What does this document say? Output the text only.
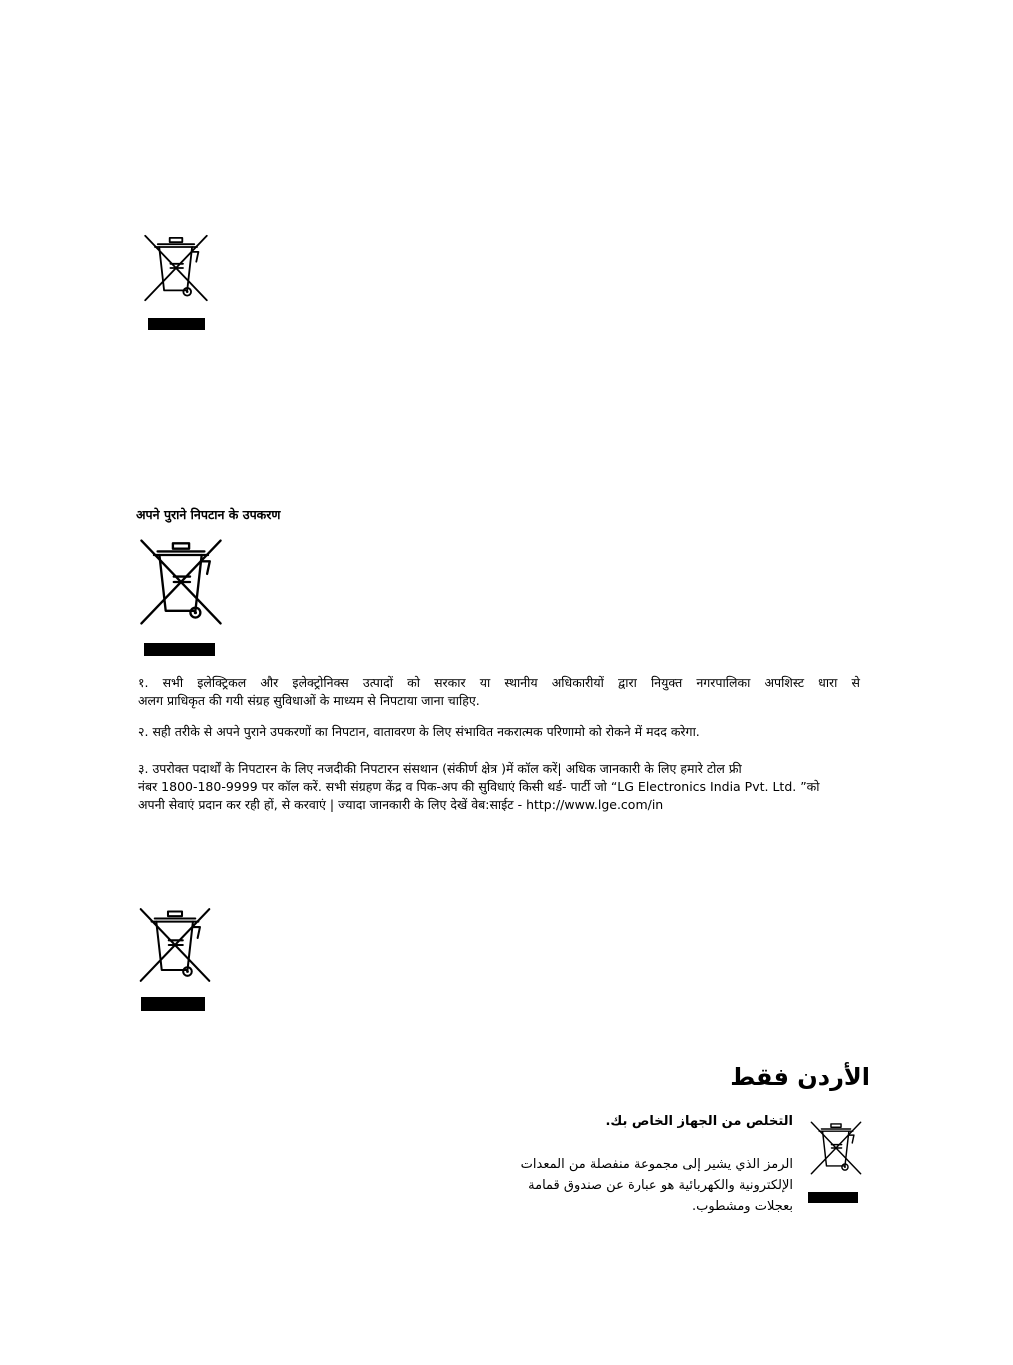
अपने पुराने निपटान के उपकरण
१. सभी इलेक्ट्रिकल और इलेक्ट्रोनिक्स उत्पादों को सरकार या स्थानीय अधिकारीयों द्वारा नियुक्त नगरपालिका अपशिस्ट धारा से
अलग प्राधिकृत की गयी संग्रह सुविधाओं के माध्यम से निपटाया जाना चाहिए.
२. सही तरीके से अपने पुराने उपकरणों का निपटान, वातावरण के लिए संभावित नकरात्मक परिणामो को रोकने में मदद करेगा.
३. उपरोक्त पदार्थों के निपटारन के लिए नजदीकी निपटारन संसथान (संकीर्ण क्षेत्र )में कॉल करें| अधिक जानकारी के लिए हमारे टोल फ्री
नंबर 1800-180-9999 पर कॉल करें. सभी संग्रहण केंद्र व पिक-अप की सुविधाएं किसी थर्ड- पार्टी जो “LG Electronics India Pvt. Ltd. ”को
अपनी सेवाएं प्रदान कर रही हों, से करवाएं | ज्यादा जानकारी के लिए देखें वेब:साईट - http://www.lge.com/in
الأردن فقط
التخلص من الجهاز الخاص بك.
الرمز الذي يشير إلى مجموعة منفصلة من المعدات
الإلكترونية والكهربائية هو عبارة عن صندوق قمامة
بعجلات ومشطوب.
